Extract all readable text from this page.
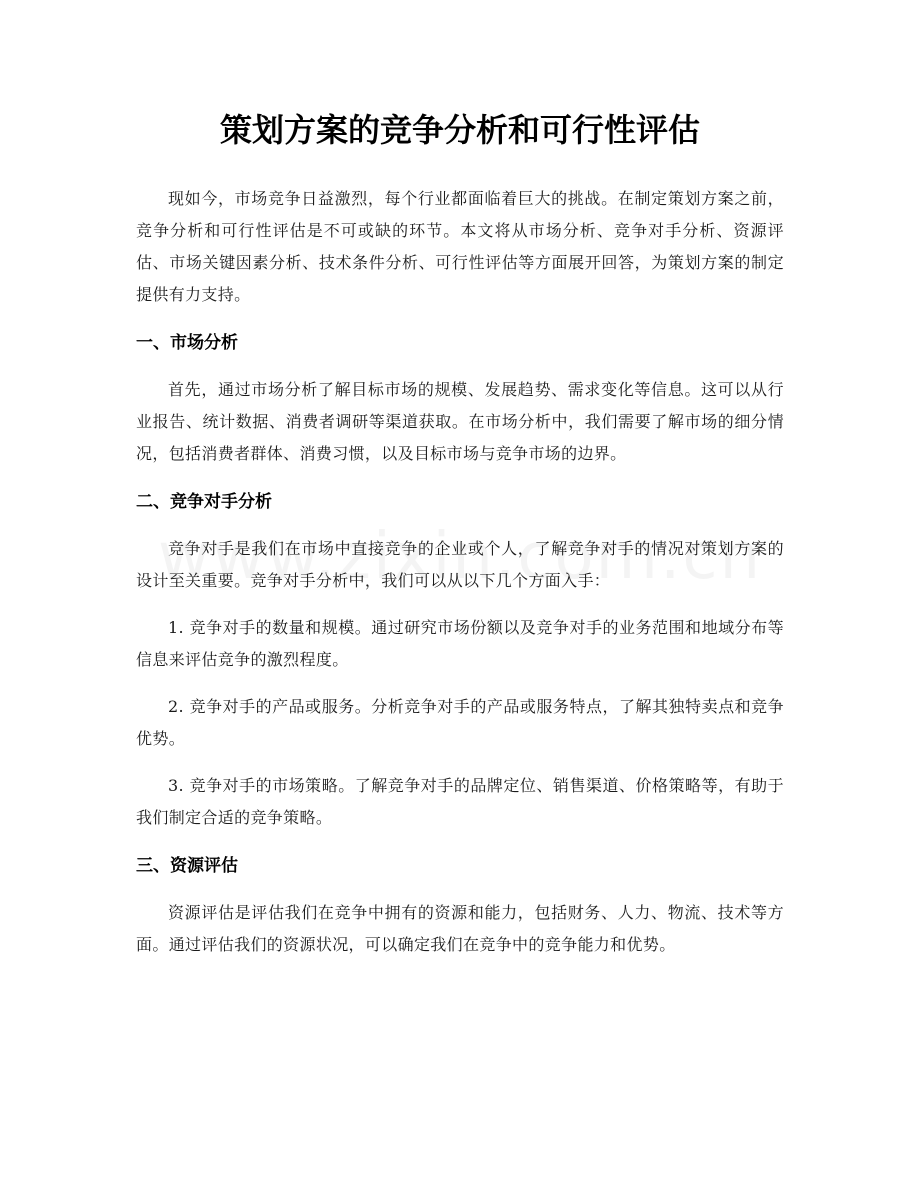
策划方案的竞争分析和可行性评估

现如今，市场竞争日益激烈，每个行业都面临着巨大的挑战。在制定策划方案之前，竞争分析和可行性评估是不可或缺的环节。本文将从市场分析、竞争对手分析、资源评估、市场关键因素分析、技术条件分析、可行性评估等方面展开回答，为策划方案的制定提供有力支持。

一、市场分析

首先，通过市场分析了解目标市场的规模、发展趋势、需求变化等信息。这可以从行业报告、统计数据、消费者调研等渠道获取。在市场分析中，我们需要了解市场的细分情况，包括消费者群体、消费习惯，以及目标市场与竞争市场的边界。

二、竞争对手分析

竞争对手是我们在市场中直接竞争的企业或个人，了解竞争对手的情况对策划方案的设计至关重要。竞争对手分析中，我们可以从以下几个方面入手：

1. 竞争对手的数量和规模。通过研究市场份额以及竞争对手的业务范围和地域分布等信息来评估竞争的激烈程度。

2. 竞争对手的产品或服务。分析竞争对手的产品或服务特点，了解其独特卖点和竞争优势。

3. 竞争对手的市场策略。了解竞争对手的品牌定位、销售渠道、价格策略等，有助于我们制定合适的竞争策略。

三、资源评估

资源评估是评估我们在竞争中拥有的资源和能力，包括财务、人力、物流、技术等方面。通过评估我们的资源状况，可以确定我们在竞争中的竞争能力和优势。
